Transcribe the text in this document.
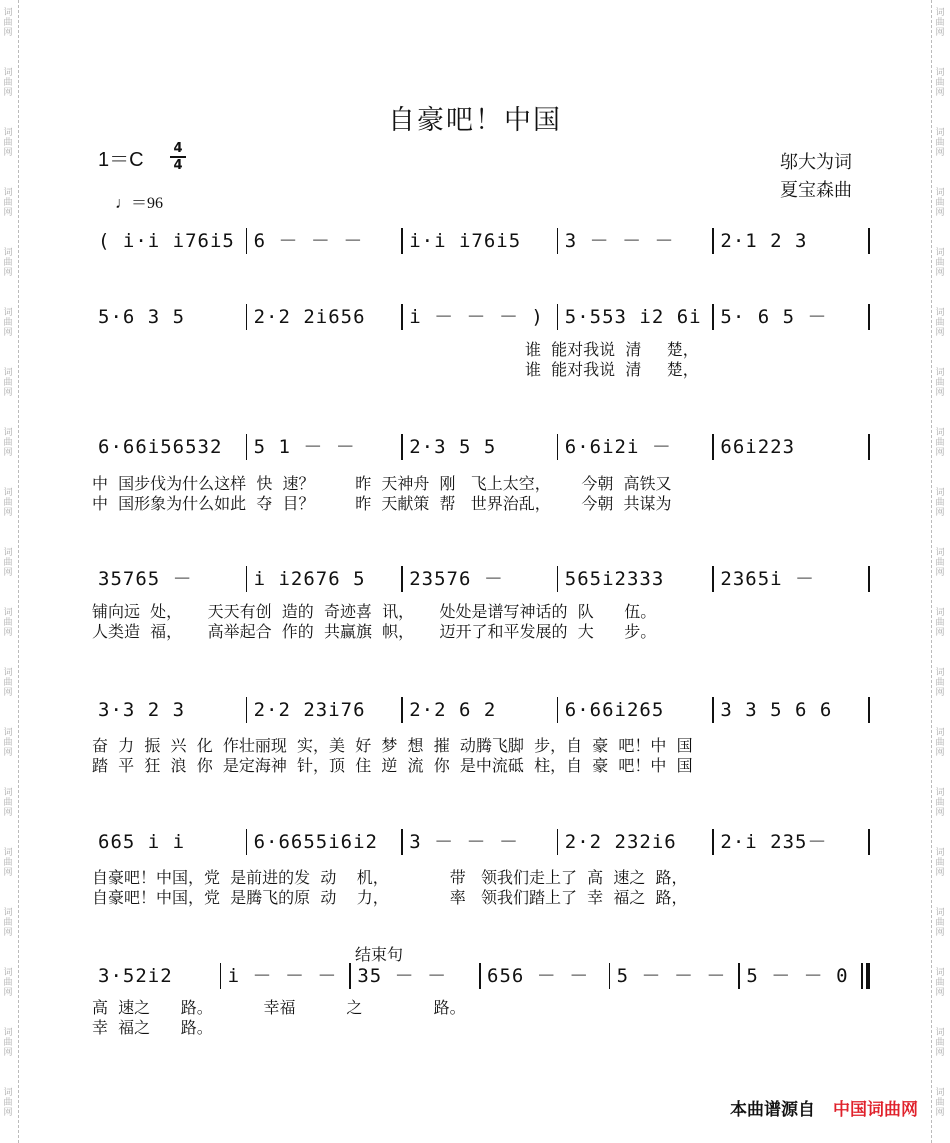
词
曲
网
词
曲
网
词
曲
网
词
曲
网
词
曲
网
词
曲
网
词
曲
网
词
曲
网
词
曲
网
词
曲
网
词
曲
网
词
曲
网
词
曲
网
词
曲
网
词
曲
网
词
曲
网
词
曲
网
词
曲
网
词
曲
网
词
曲
网
词
曲
网
词
曲
网
词
曲
网
词
曲
网
词
曲
网
词
曲
网
词
曲
网
词
曲
网
词
曲
网
词
曲
网
词
曲
网
词
曲
网
词
曲
网
词
曲
网
词
曲
网
词
曲
网
词
曲
网
词
曲
网
自豪吧！中国
1＝C
4
4
♩＝96
邬大为词
夏宝森曲
( i·i i76i5 6 － － －	i·i i76i5	3 － － －	2·1 2 3
5·6 3 5	2·2 2i656	i － － － )	5·553 i2 6i 5· 6 5 －
6·66i56532	5 1 － －	2·3 5 5	6·6i2i －	66i223
35765 －	i i2676 5	23576 －	565i2333	2365i －
3·3 2 3	2·2 23i76	2·2 6 2	6·66i265	3 3 5 6 6
665 i i	6·6655i6i2	3 － － －	2·2 232i6	2·i 235－
3·52i2	i － － －	35 － －	656 － －	5 － － －	5 － － 0
谁  能对我说  清     楚，
谁  能对我说  清     楚，
中  国步伐为什么这样  快  速？        昨  天神舟  刚   飞上太空，      今朝  高铁又
中  国形象为什么如此  夺  目？        昨  天献策  帮   世界治乱，      今朝  共谋为
铺向远  处，     天天有创  造的  奇迹喜  讯，     处处是谱写神话的  队      伍。
人类造  福，     高举起合  作的  共赢旗  帜，     迈开了和平发展的  大      步。
奋  力  振  兴  化  作壮丽现  实，美  好  梦  想  摧  动腾飞脚  步，自  豪  吧！中  国
踏  平  狂  浪  你  是定海神  针，顶  住  逆  流  你  是中流砥  柱，自  豪  吧！中  国
自豪吧！中国，党  是前进的发  动    机，            带   领我们走上了  高  速之  路，
自豪吧！中国，党  是腾飞的原  动    力，            率   领我们踏上了  幸  福之  路，
高  速之      路。          幸福          之              路。
幸  福之      路。
结束句
本曲谱源自 中国词曲网
